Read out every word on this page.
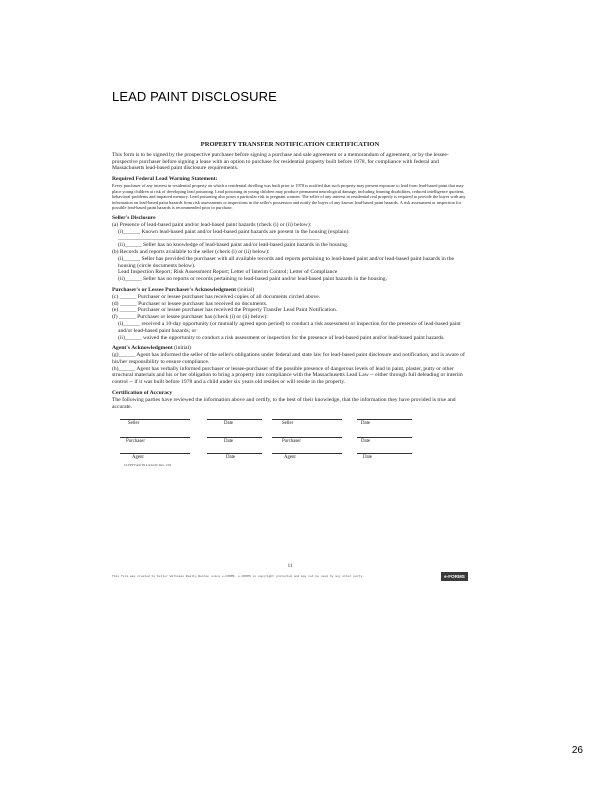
LEAD PAINT DISCLOSURE

PROPERTY TRANSFER NOTIFICATION CERTIFICATION

This form is to be signed by the prospective purchaser before signing a purchase and sale agreement or a memorandum of agreement, or by the lessee-prospective purchaser before signing a lease with an option to purchase for residential property built before 1978, for compliance with federal and Massachusetts lead-based paint disclosure requirements.

Required Federal Lead Warning Statement:

Every purchaser of any interest in residential property on which a residential dwelling was built prior to 1978 is notified that such property may present exposure to lead from lead-based paint that may place young children at risk of developing lead poisoning. Lead poisoning in young children may produce permanent neurological damage, including learning disabilities, reduced intelligence quotient, behavioral problems and impaired memory. Lead poisoning also poses a particular risk to pregnant women. The seller of any interest in residential real property is required to provide the buyer with any information on lead-based paint hazards from risk assessments or inspections in the seller's possession and notify the buyer of any known lead-based paint hazards. A risk assessment or inspection for possible lead-based paint hazards is recommended prior to purchase.

Seller's Disclosure

(a) Presence of lead-based paint and/or lead-based paint hazards (check (i) or (ii) below):

(i)______ Known lead-based paint and/or lead-based paint hazards are present in the housing (explain).

________________________________________________________________________

(ii)______ Seller has no knowledge of lead-based paint and/or lead-based paint hazards in the housing.

(b) Records and reports available to the seller (check (i) or (ii) below):

(i)______ Seller has provided the purchaser with all available records and reports pertaining to lead-based paint and/or lead-based paint hazards in the housing (circle documents below).

Lead Inspection Report; Risk Assessment Report; Letter of Interim Control; Letter of Compliance

(ii)______ Seller has no reports or records pertaining to lead-based paint and/or lead-based paint hazards in the housing.

Purchaser's or Lessee Purchaser's Acknowledgment (initial)

(c) ______ Purchaser or lessee purchaser has received copies of all documents circled above.

(d) ______ Purchaser or lessee purchaser has received no documents.

(e) ______ Purchaser or lessee purchaser has received the Property Transfer Lead Paint Notification.

(f) ______ Purchaser or lessee purchaser has (check (i) or (ii) below):

(i)______ received a 10-day opportunity (or mutually agreed upon period) to conduct a risk assessment or inspection for the presence of lead-based paint and/or lead-based paint hazards; or

(ii)______ waived the opportunity to conduct a risk assessment or inspection for the presence of lead-based paint and/or lead-based paint hazards.

Agent's Acknowledgment (initial)

(g)______ Agent has informed the seller of the seller's obligations under federal and state law for lead-based paint disclosure and notification, and is aware of his/her responsibility to ensure compliance.

(h)______ Agent has verbally informed purchaser or lessee-purchaser of the possible presence of dangerous levels of lead in paint, plaster, putty or other structural materials and his or her obligation to bring a property into compliance with the Massachusetts Lead Law -- either through full deleading or interim control -- if it was built before 1978 and a child under six years old resides or will reside in the property.

Certification of Accuracy

The following parties have reviewed the information above and certify, to the best of their knowledge, that the information they have provided is true and accurate.

Seller	Date	Seller	Date
Purchaser	Date	Purchaser	Date
Agent	Date	Agent	Date
CLPPP Form 99 LA/GOV. Rev. 1/02
11
This form was created by Keller Williams Realty Boston using e-FORMS. e-FORMS is copyright protected and may not be used by any other party.	e-FORMS
26
